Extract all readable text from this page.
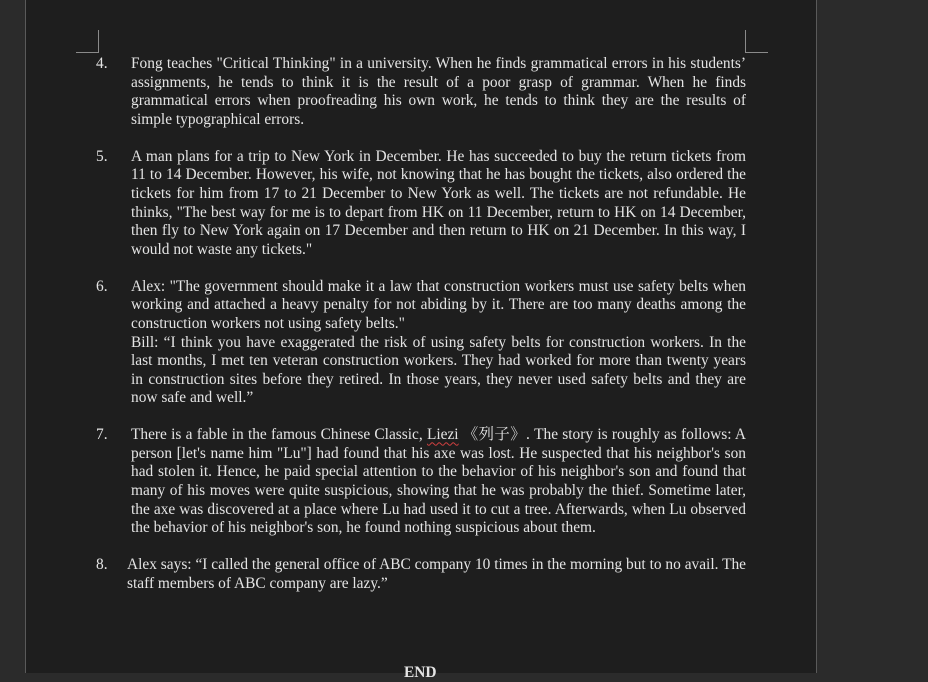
4.	Fong teaches "Critical Thinking" in a university. When he finds grammatical errors in his students’ assignments, he tends to think it is the result of a poor grasp of grammar. When he finds grammatical errors when proofreading his own work, he tends to think they are the results of simple typographical errors.

5.	A man plans for a trip to New York in December. He has succeeded to buy the return tickets from 11 to 14 December. However, his wife, not knowing that he has bought the tickets, also ordered the tickets for him from 17 to 21 December to New York as well. The tickets are not refundable. He thinks, "The best way for me is to depart from HK on 11 December, return to HK on 14 December, then fly to New York again on 17 December and then return to HK on 21 December. In this way, I would not waste any tickets."

6.	Alex: "The government should make it a law that construction workers must use safety belts when working and attached a heavy penalty for not abiding by it. There are too many deaths among the construction workers not using safety belts."

Bill: “I think you have exaggerated the risk of using safety belts for construction workers. In the last months, I met ten veteran construction workers. They had worked for more than twenty years in construction sites before they retired. In those years, they never used safety belts and they are now safe and well.”

7.	There is a fable in the famous Chinese Classic, Liezi 《列子》. The story is roughly as follows: A person [let's name him "Lu"] had found that his axe was lost. He suspected that his neighbor's son had stolen it. Hence, he paid special attention to the behavior of his neighbor's son and found that many of his moves were quite suspicious, showing that he was probably the thief. Sometime later, the axe was discovered at a place where Lu had used it to cut a tree. Afterwards, when Lu observed the behavior of his neighbor's son, he found nothing suspicious about them.

8.	Alex says: “I called the general office of ABC company 10 times in the morning but to no avail. The staff members of ABC company are lazy.”

END
